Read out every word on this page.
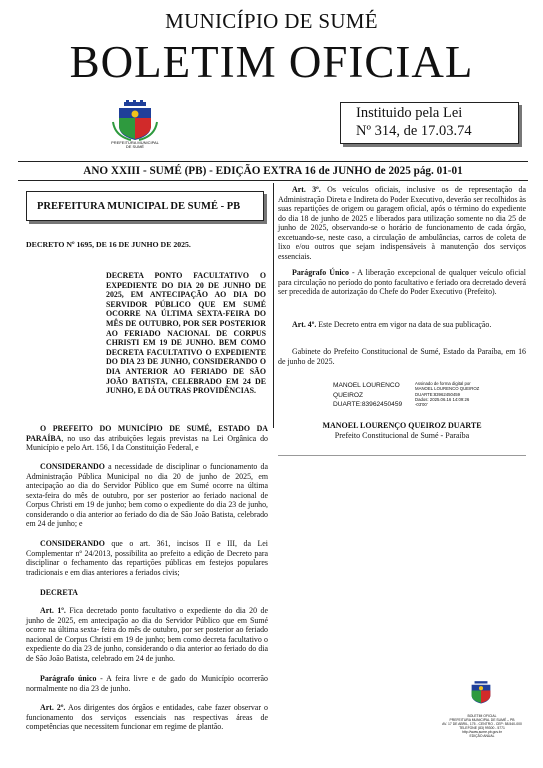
MUNICÍPIO DE SUMÉ
BOLETIM OFICIAL
PREFEITURA MUNICIPAL
DE SUMÉ
Instituido pela Lei
Nº 314, de 17.03.74
ANO XXIII - SUMÉ (PB) - EDIÇÃO EXTRA 16 de JUNHO de 2025 pág. 01-01
PREFEITURA MUNICIPAL DE SUMÉ - PB
DECRETO Nº 1695, DE 16 DE JUNHO DE 2025.
DECRETA PONTO FACULTATIVO O EXPEDIENTE DO DIA 20 DE JUNHO DE 2025, EM ANTECIPAÇÃO AO DIA DO SERVIDOR PÚBLICO QUE EM SUMÉ OCORRE NA ÚLTIMA SEXTA-FEIRA DO MÊS DE OUTUBRO, POR SER POSTERIOR AO FERIADO NACIONAL DE CORPUS CHRISTI EM 19 DE JUNHO. BEM COMO DECRETA FACULTATIVO O EXPEDIENTE DO DIA 23 DE JUNHO, CONSIDERANDO O DIA ANTERIOR AO FERIADO DE SÃO JOÃO BATISTA, CELEBRADO EM 24 DE JUNHO, E DÁ OUTRAS PROVIDÊNCIAS.
O PREFEITO DO MUNICÍPIO DE SUMÉ, ESTADO DA PARAÍBA, no uso das atribuições legais previstas na Lei Orgânica do Município e pelo Art. 156, I da Constituição Federal, e
CONSIDERANDO a necessidade de disciplinar o funcionamento da Administração Pública Municipal no dia 20 de junho de 2025, em antecipação ao dia do Servidor Público que em Sumé ocorre na última sexta-feira do mês de outubro, por ser posterior ao feriado nacional de Corpus Christi em 19 de junho; bem como o expediente do dia 23 de junho, considerando o dia anterior ao feriado do dia de São João Batista, celebrado em 24 de junho; e
CONSIDERANDO que o art. 361, incisos II e III, da Lei Complementar nº 24/2013, possibilita ao prefeito a edição de Decreto para disciplinar o fechamento das repartições públicas em festejos populares tradicionais e em dias anteriores a feriados civis;
DECRETA
Art. 1º. Fica decretado ponto facultativo o expediente do dia 20 de junho de 2025, em antecipação ao dia do Servidor Público que em Sumé ocorre na última sexta- feira do mês de outubro, por ser posterior ao feriado nacional de Corpus Christi em 19 de junho; bem como decreta facultativo o expediente do dia 23 de junho, considerando o dia anterior ao feriado do dia de São João Batista, celebrado em 24 de junho.
Parágrafo único - A feira livre e de gado do Município ocorrerão normalmente no dia 23 de junho.
Art. 2º. Aos dirigentes dos órgãos e entidades, cabe fazer observar o funcionamento dos serviços essenciais nas respectivas áreas de competências que necessitem funcionar em regime de plantão.
Art. 3º. Os veículos oficiais, inclusive os de representação da Administração Direta e Indireta do Poder Executivo, deverão ser recolhidos às suas repartições de origem ou garagem oficial, após o término do expediente do dia 18 de junho de 2025 e liberados para utilização somente no dia 25 de junho de 2025, observando-se o horário de funcionamento de cada órgão, excetuando-se, neste caso, a circulação de ambulâncias, carros de coleta de lixo e/ou outros que sejam indispensáveis à manutenção dos serviços essenciais.
Parágrafo Único - A liberação excepcional de qualquer veículo oficial para circulação no período do ponto facultativo e feriado ora decretado deverá ser precedida de autorização do Chefe do Poder Executivo (Prefeito).
Art. 4º. Este Decreto entra em vigor na data de sua publicação.
Gabinete do Prefeito Constitucional de Sumé, Estado da Paraíba, em 16 de junho de 2025.
MANOEL LOURENCO
QUEIROZ
DUARTE:83962450459
Assinado de forma digital por
MANOEL LOURENCO QUEIROZ
DUARTE:83962450459
Dados: 2025.06.16 14:09:26
-03'00'
MANOEL LOURENÇO QUEIROZ DUARTE
Prefeito Constitucional de Sumé - Paraíba
BOLETIM OFICIAL
PREFEITURA MUNICIPAL DE SUMÉ – PB
AV. 17 DE ABRIL, 175 - CENTRO - CEP: 58.540-000
TELEFONE (83) 99300 - 5771
http://www.sume.pb.gov.br
EDIÇÃO ANUAL
